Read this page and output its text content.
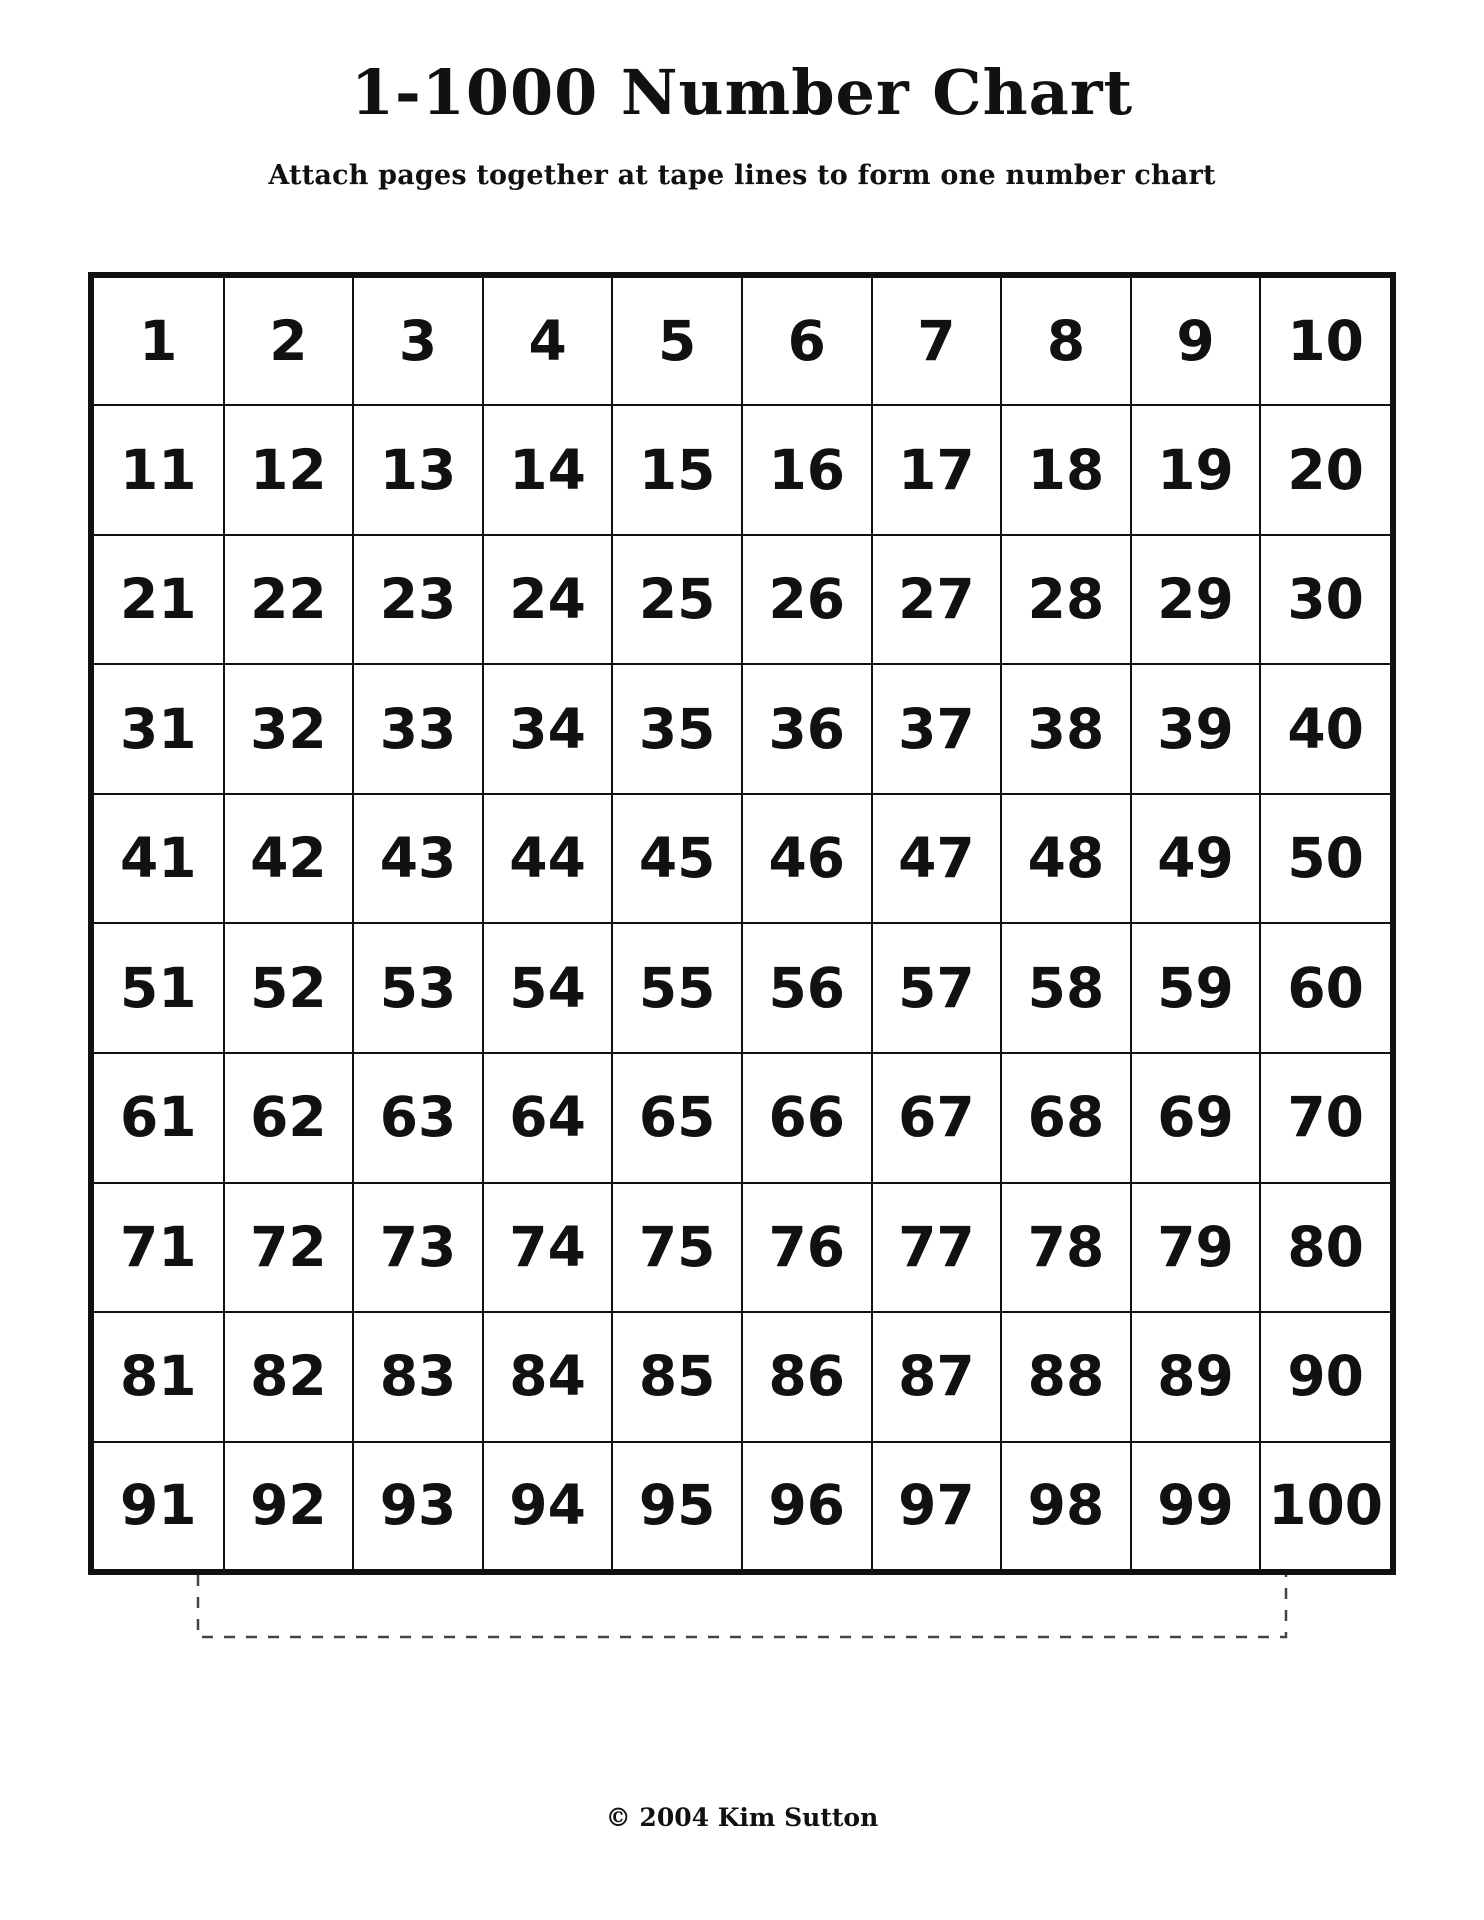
1-1000 Number Chart
Attach pages together at tape lines to form one number chart
1	2	3	4	5	6	7	8	9	10
11	12	13	14	15	16	17	18	19	20
21	22	23	24	25	26	27	28	29	30
31	32	33	34	35	36	37	38	39	40
41	42	43	44	45	46	47	48	49	50
51	52	53	54	55	56	57	58	59	60
61	62	63	64	65	66	67	68	69	70
71	72	73	74	75	76	77	78	79	80
81	82	83	84	85	86	87	88	89	90
91	92	93	94	95	96	97	98	99	100
© 2004 Kim Sutton
